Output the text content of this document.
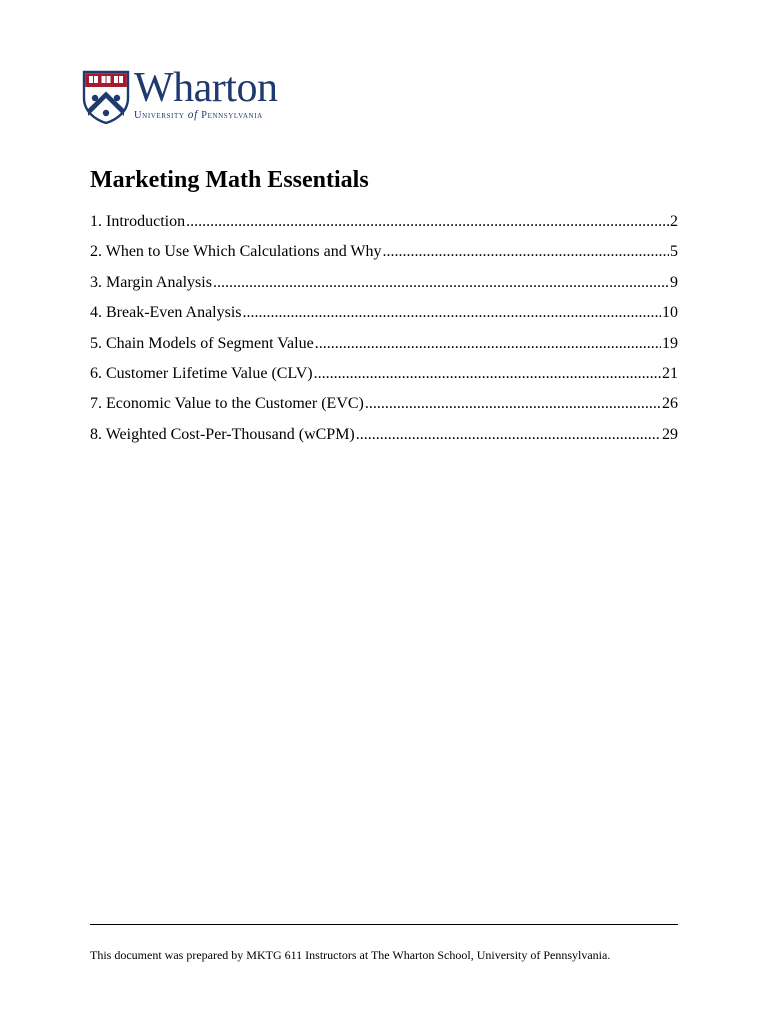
Wharton
University of Pennsylvania
Marketing Math Essentials
1. Introduction .....	2
2. When to Use Which Calculations and Why .....	5
3. Margin Analysis .....	9
4. Break-Even Analysis .....	10
5. Chain Models of Segment Value .....	19
6. Customer Lifetime Value (CLV) .....	21
7. Economic Value to the Customer (EVC) .....	26
8. Weighted Cost-Per-Thousand (wCPM) .....	29
This document was prepared by MKTG 611 Instructors at The Wharton School, University of Pennsylvania.
